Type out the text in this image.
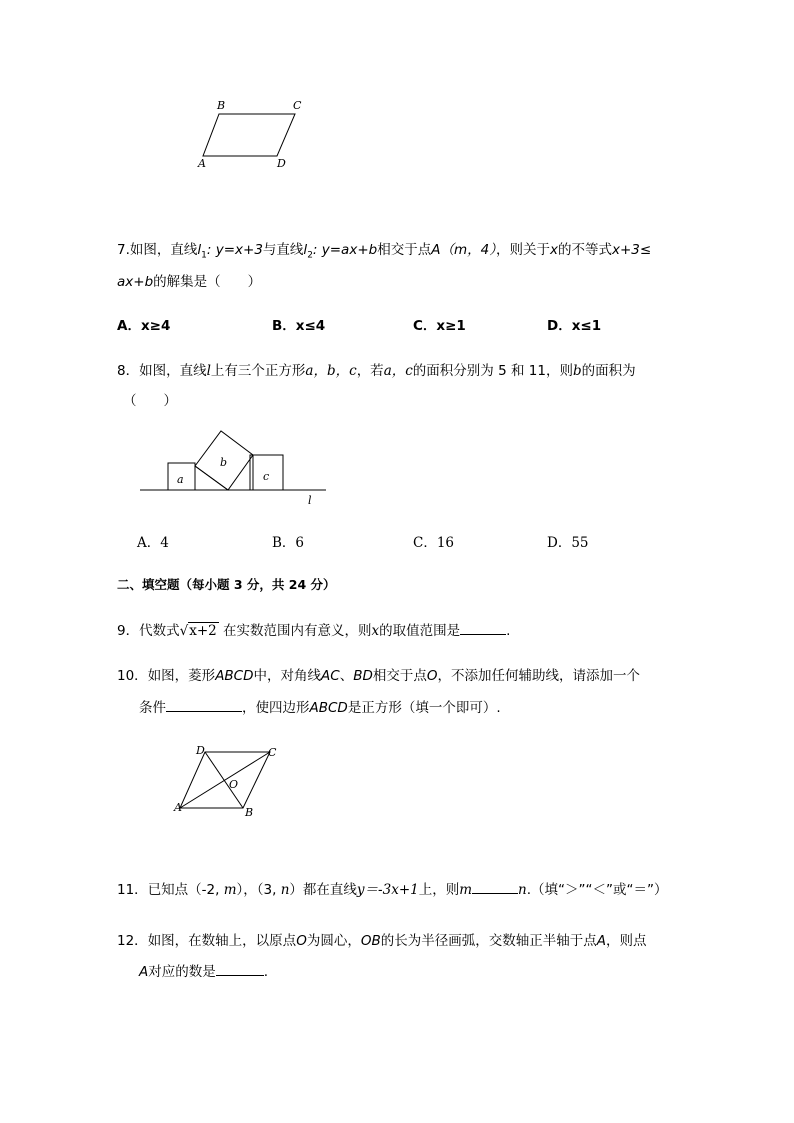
B	C
A	D
7.如图，直线$l_1$: y=x+3与直线$l_2$: y=ax+b相交于点A（m，4），则关于x的不等式x+3≤
ax+b的解集是（　　）
A．x≥4	B．x≤4	C．x≥1	D．x≤1
8．如图，直线l上有三个正方形a，b，c，若a，c的面积分别为 5 和 11，则b的面积为
（　　）
a
b
c
l
A．4	B．6	C．16	D．55
二、填空题（每小题 3 分，共 24 分）
9．代数式√x+2 在实数范围内有意义，则x的取值范围是	.
10．如图，菱形ABCD中，对角线AC、BD相交于点O，不添加任何辅助线，请添加一个
条件	，使四边形ABCD是正方形（填一个即可）.
D	C
O
A	B
11．已知点（-2, m），（3, n）都在直线y＝-3x+1上，则m	n.（填“＞”“＜”或“＝”）
12．如图，在数轴上，以原点O为圆心，OB的长为半径画弧，交数轴正半轴于点A，则点
A对应的数是	.
